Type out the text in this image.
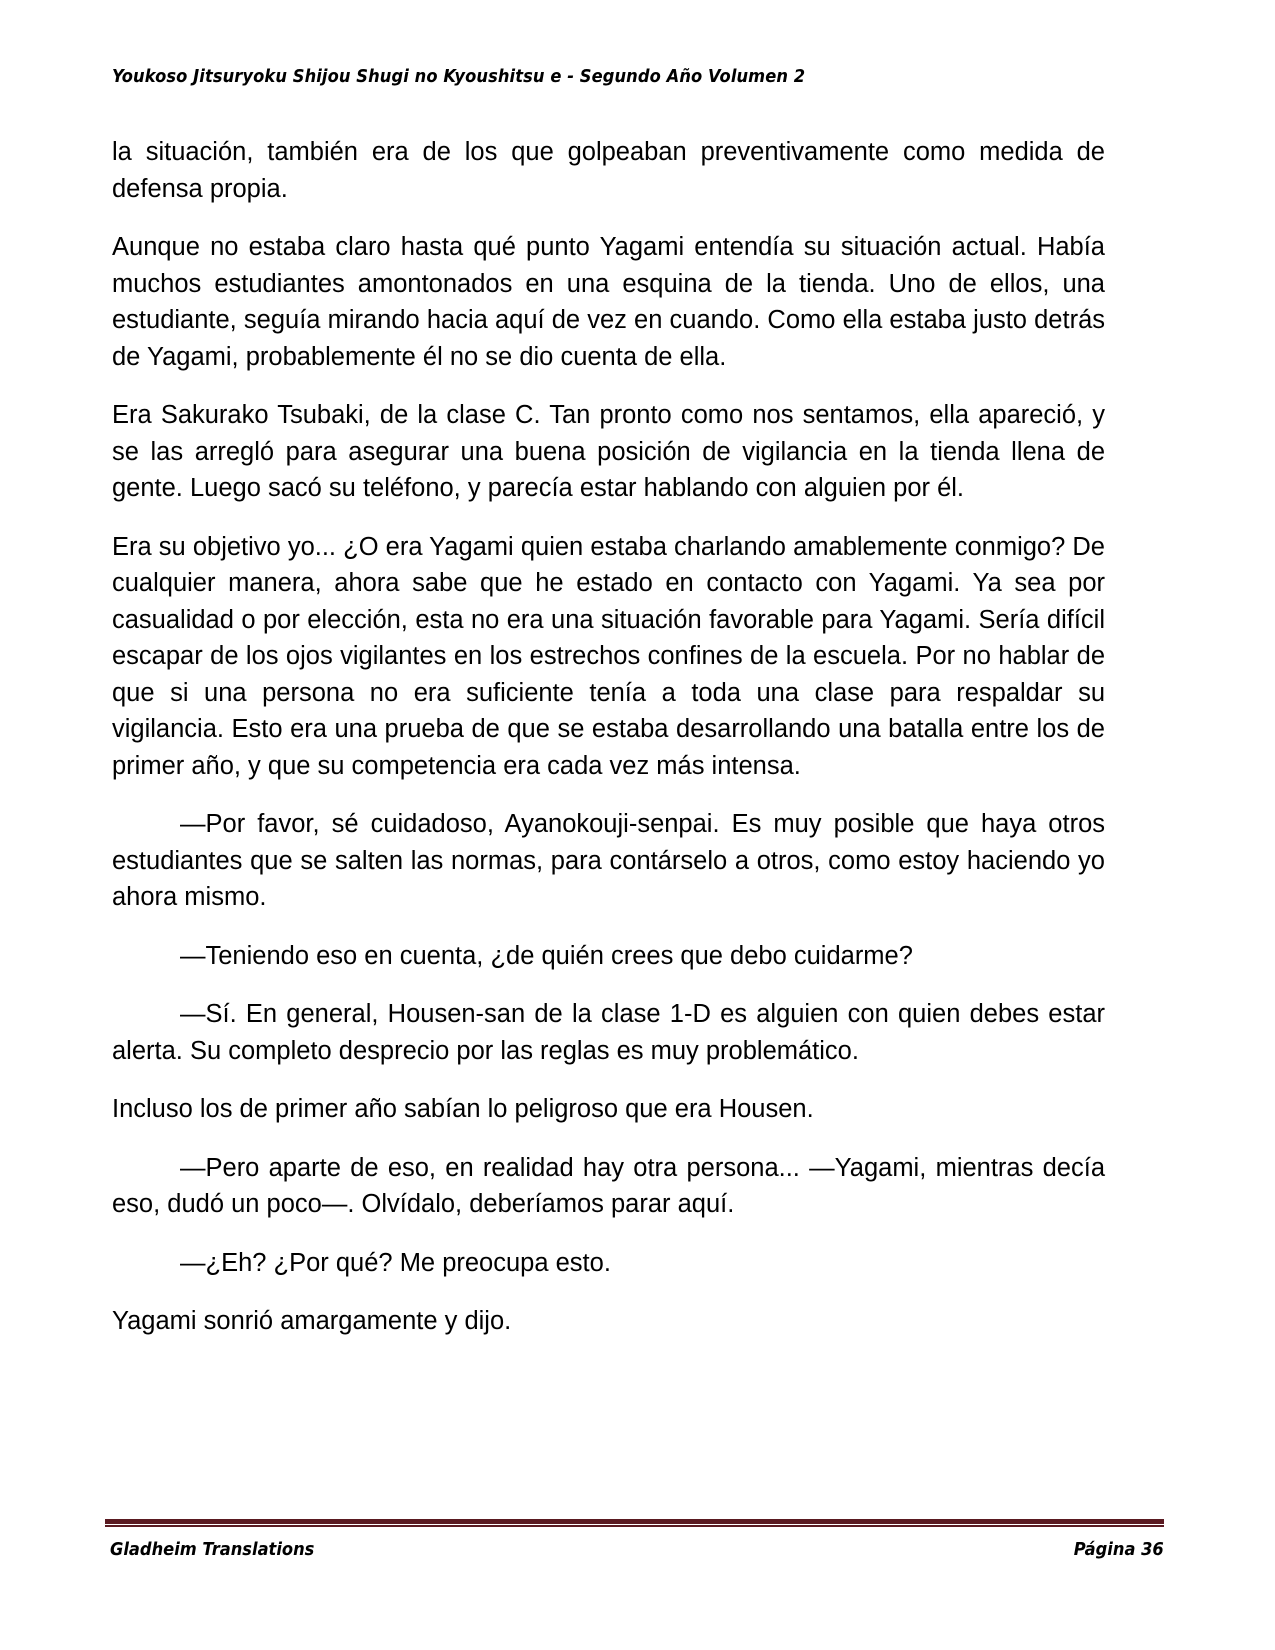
Youkoso Jitsuryoku Shijou Shugi no Kyoushitsu e - Segundo Año Volumen 2

la situación, también era de los que golpeaban preventivamente como medida de defensa propia.

Aunque no estaba claro hasta qué punto Yagami entendía su situación actual. Había muchos estudiantes amontonados en una esquina de la tienda. Uno de ellos, una estudiante, seguía mirando hacia aquí de vez en cuando. Como ella estaba justo detrás de Yagami, probablemente él no se dio cuenta de ella.

Era Sakurako Tsubaki, de la clase C. Tan pronto como nos sentamos, ella apareció, y se las arregló para asegurar una buena posición de vigilancia en la tienda llena de gente. Luego sacó su teléfono, y parecía estar hablando con alguien por él.

Era su objetivo yo... ¿O era Yagami quien estaba charlando amablemente conmigo? De cualquier manera, ahora sabe que he estado en contacto con Yagami. Ya sea por casualidad o por elección, esta no era una situación favorable para Yagami. Sería difícil escapar de los ojos vigilantes en los estrechos confines de la escuela. Por no hablar de que si una persona no era suficiente tenía a toda una clase para respaldar su vigilancia. Esto era una prueba de que se estaba desarrollando una batalla entre los de primer año, y que su competencia era cada vez más intensa.

—Por favor, sé cuidadoso, Ayanokouji-senpai. Es muy posible que haya otros estudiantes que se salten las normas, para contárselo a otros, como estoy haciendo yo ahora mismo.

—Teniendo eso en cuenta, ¿de quién crees que debo cuidarme?

—Sí. En general, Housen-san de la clase 1-D es alguien con quien debes estar alerta. Su completo desprecio por las reglas es muy problemático.

Incluso los de primer año sabían lo peligroso que era Housen.

—Pero aparte de eso, en realidad hay otra persona... —Yagami, mientras decía eso, dudó un poco—. Olvídalo, deberíamos parar aquí.

—¿Eh? ¿Por qué? Me preocupa esto.

Yagami sonrió amargamente y dijo.

Gladheim Translations	Página 36
